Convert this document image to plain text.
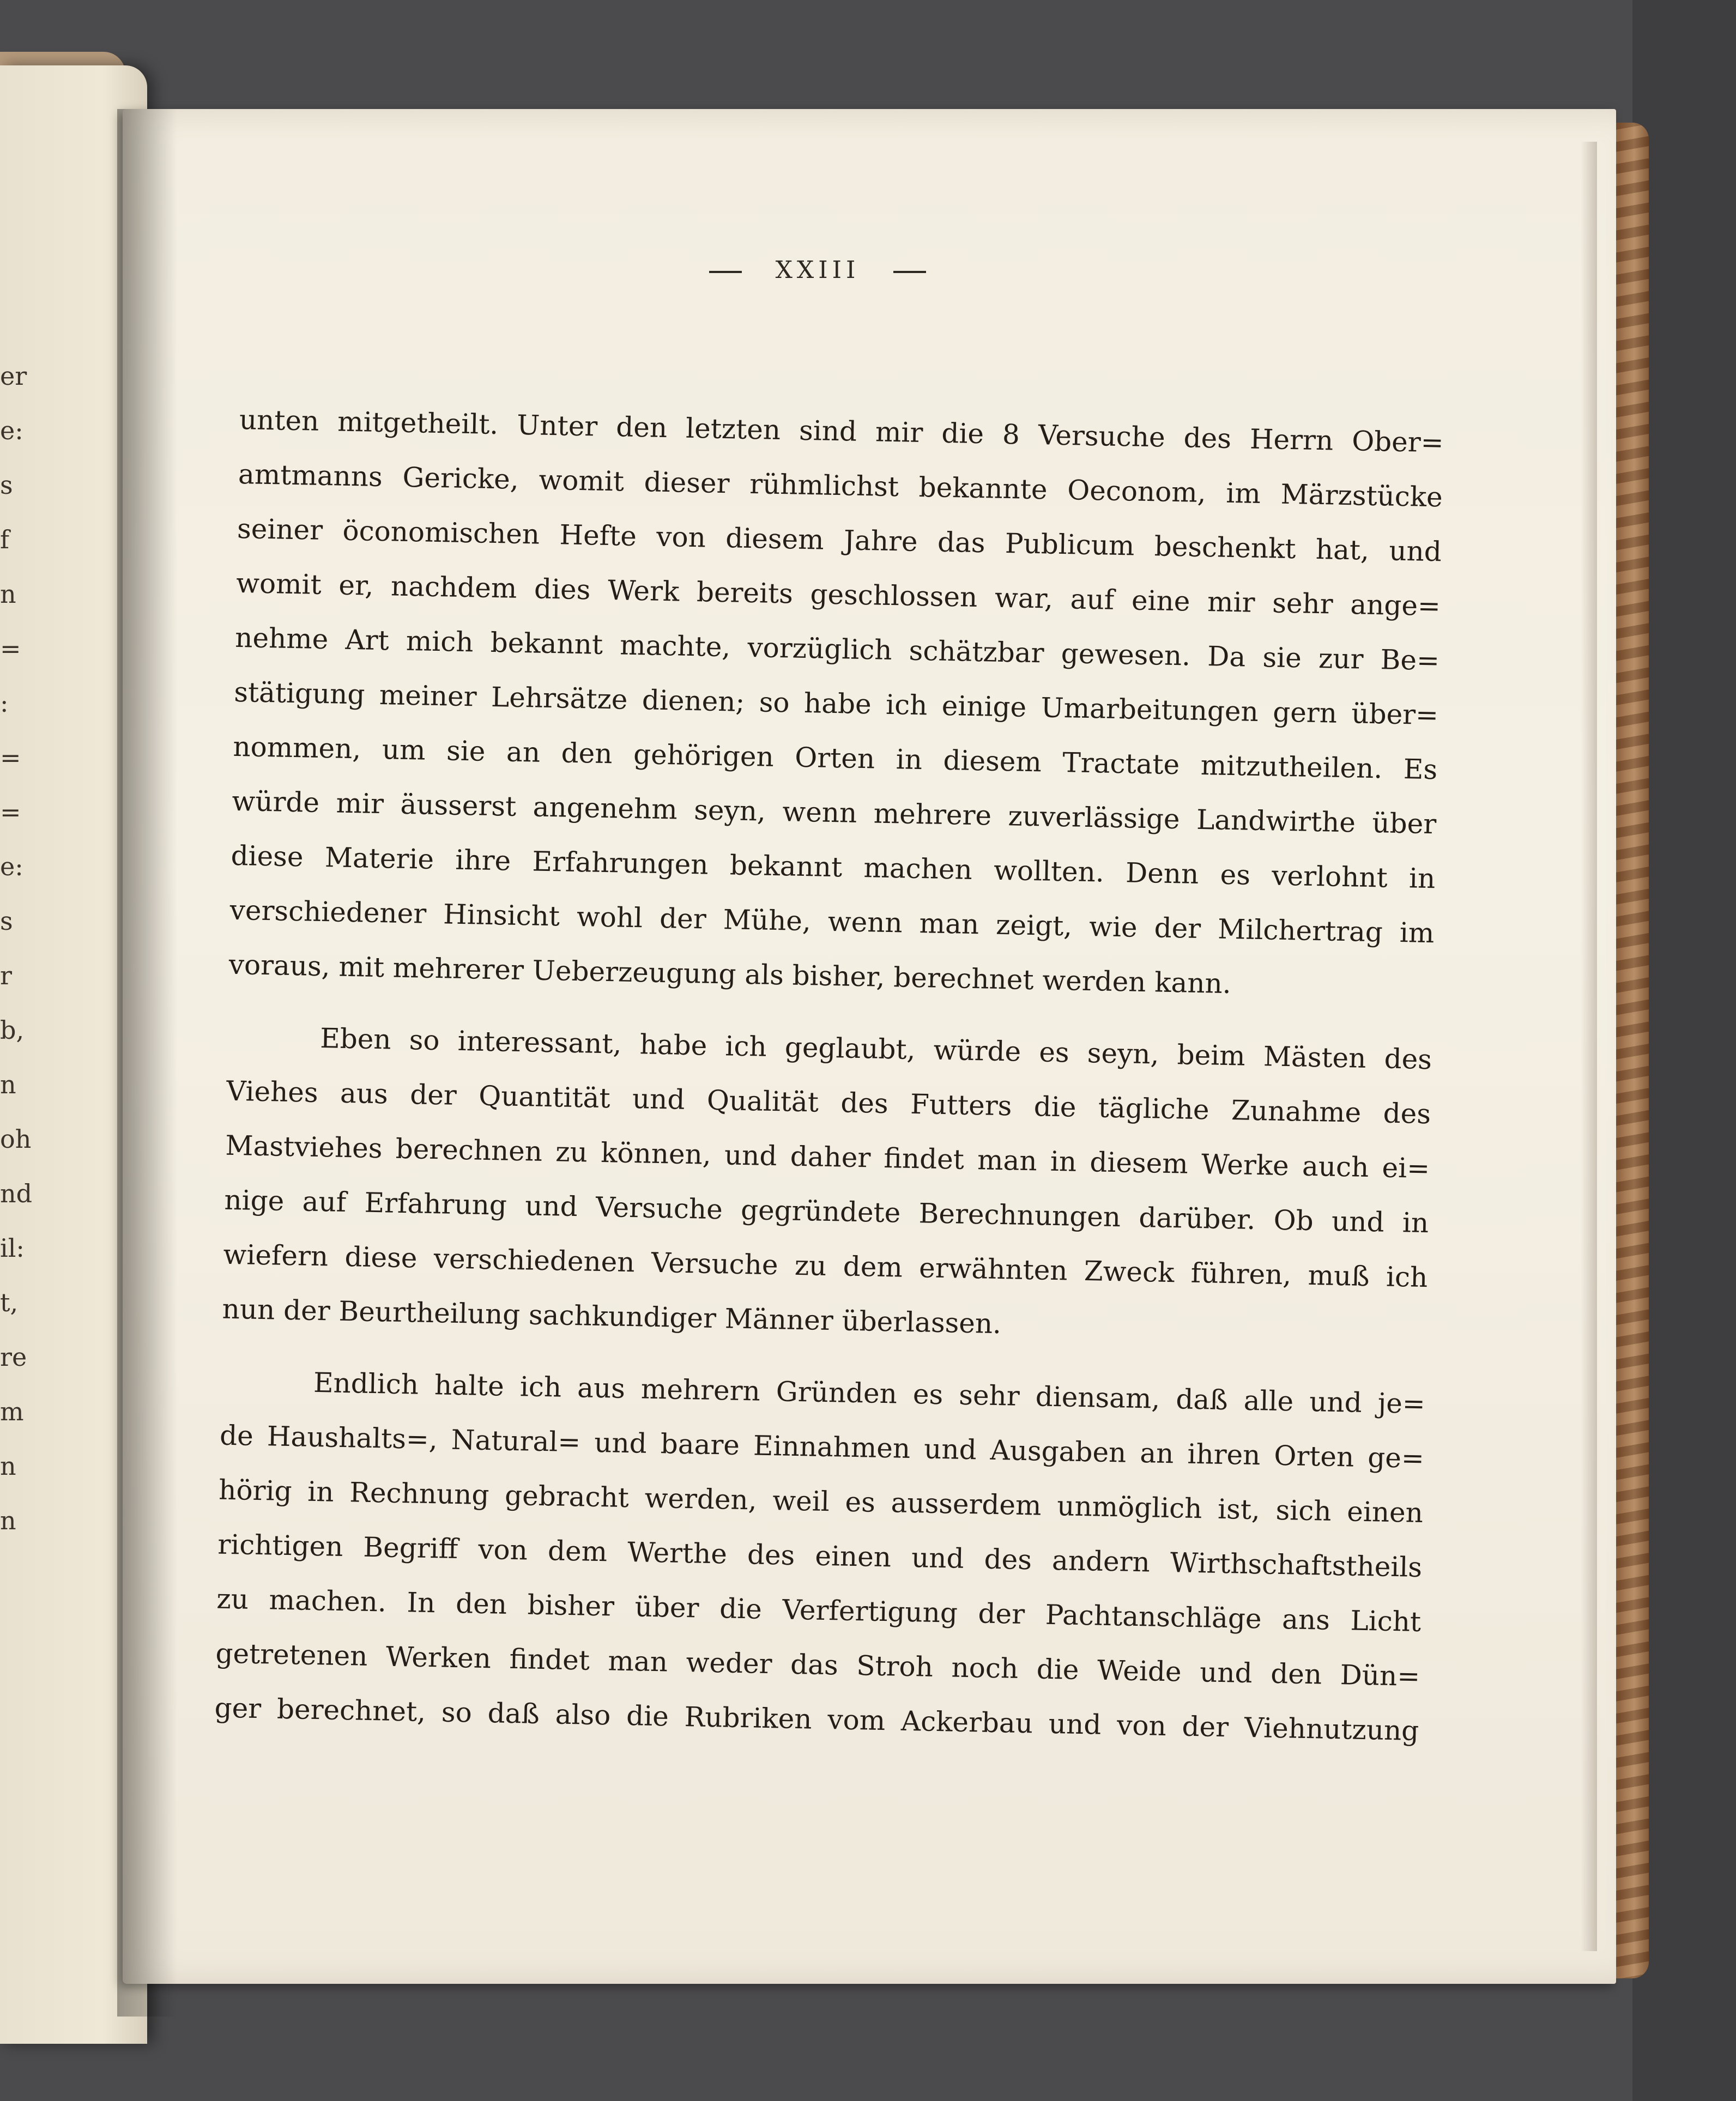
er
e:
s
f
n
=
:
=
=
e:
s
r
b,
n
oh
nd
il:
t,
re
m
n
n
XXIII
unten mitgetheilt. Unter den letzten sind mir die 8 Versuche des Herrn Ober=
amtmanns Gericke, womit dieser rühmlichst bekannte Oeconom, im Märzstücke
seiner öconomischen Hefte von diesem Jahre das Publicum beschenkt hat, und
womit er, nachdem dies Werk bereits geschlossen war, auf eine mir sehr ange=
nehme Art mich bekannt machte, vorzüglich schätzbar gewesen. Da sie zur Be=
stätigung meiner Lehrsätze dienen; so habe ich einige Umarbeitungen gern über=
nommen, um sie an den gehörigen Orten in diesem Tractate mitzutheilen. Es
würde mir äusserst angenehm seyn, wenn mehrere zuverlässige Landwirthe über
diese Materie ihre Erfahrungen bekannt machen wollten. Denn es verlohnt in
verschiedener Hinsicht wohl der Mühe, wenn man zeigt, wie der Milchertrag im
voraus, mit mehrerer Ueberzeugung als bisher, berechnet werden kann.
Eben so interessant, habe ich geglaubt, würde es seyn, beim Mästen des
Viehes aus der Quantität und Qualität des Futters die tägliche Zunahme des
Mastviehes berechnen zu können, und daher findet man in diesem Werke auch ei=
nige auf Erfahrung und Versuche gegründete Berechnungen darüber. Ob und in
wiefern diese verschiedenen Versuche zu dem erwähnten Zweck führen, muß ich
nun der Beurtheilung sachkundiger Männer überlassen.
Endlich halte ich aus mehrern Gründen es sehr diensam, daß alle und je=
de Haushalts=, Natural= und baare Einnahmen und Ausgaben an ihren Orten ge=
hörig in Rechnung gebracht werden, weil es ausserdem unmöglich ist, sich einen
richtigen Begriff von dem Werthe des einen und des andern Wirthschaftstheils
zu machen. In den bisher über die Verfertigung der Pachtanschläge ans Licht
getretenen Werken findet man weder das Stroh noch die Weide und den Dün=
ger berechnet, so daß also die Rubriken vom Ackerbau und von der Viehnutzung
